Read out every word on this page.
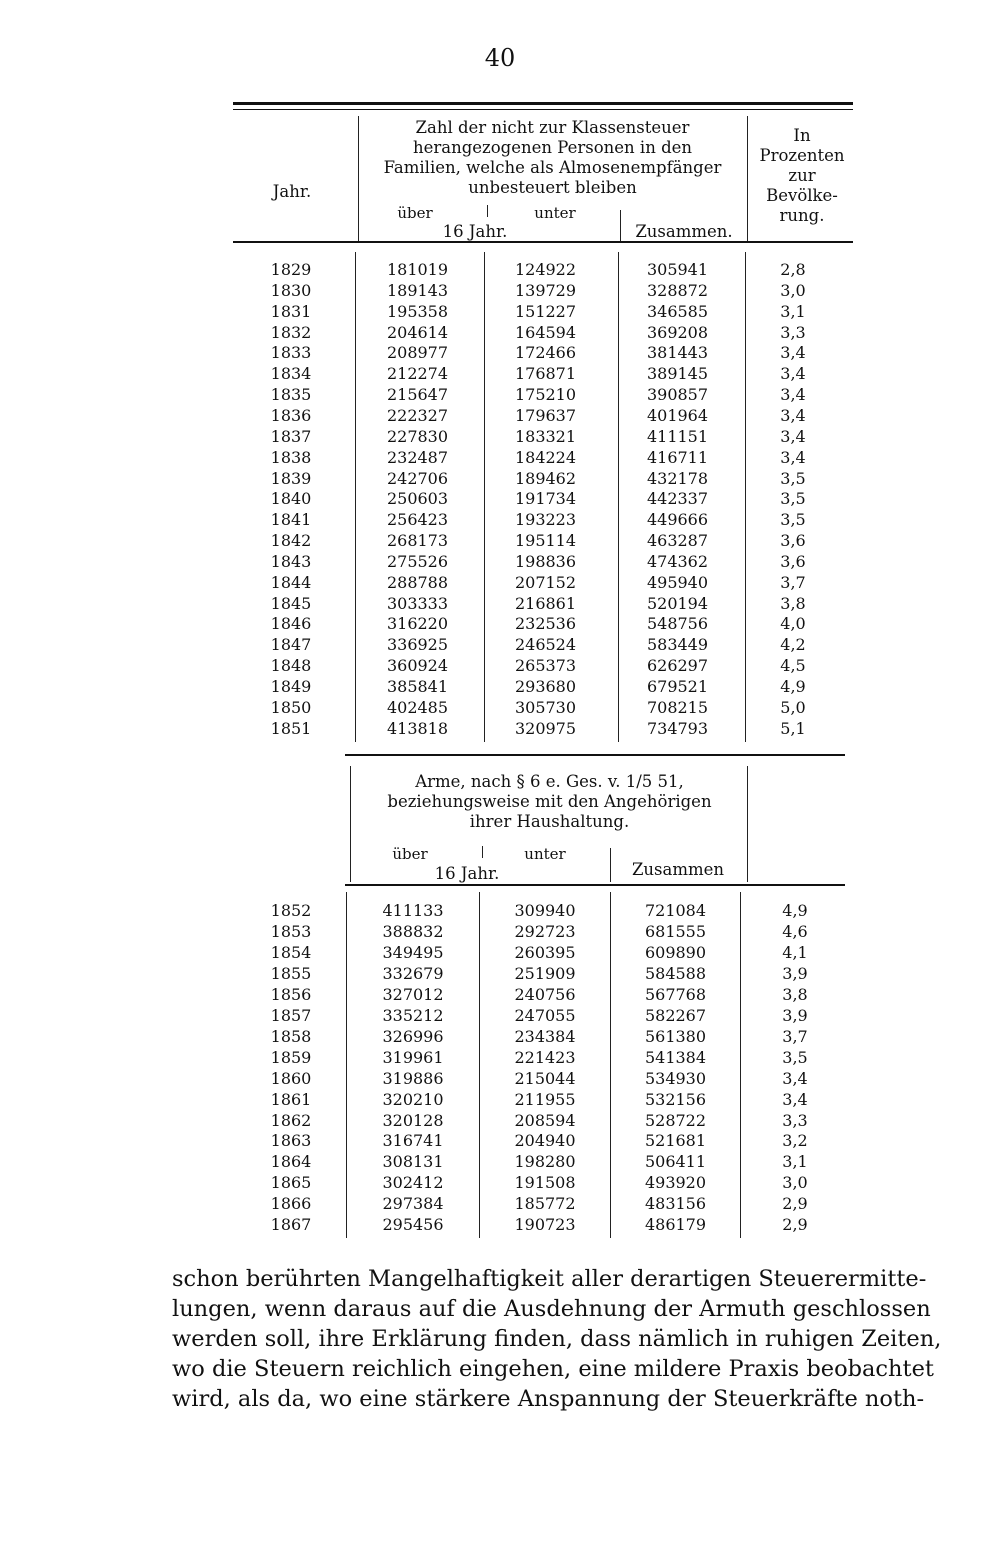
40
Jahr.
Zahl der nicht zur Klassensteuer
herangezogenen Personen in den
Familien, welche als Almosenempfänger
unbesteuert bleiben
über	unter
16 Jahr.	Zusammen.
In
Prozenten
zur
Bevölke-
rung.
1829	181019	124922	305941	2,8
1830	189143	139729	328872	3,0
1831	195358	151227	346585	3,1
1832	204614	164594	369208	3,3
1833	208977	172466	381443	3,4
1834	212274	176871	389145	3,4
1835	215647	175210	390857	3,4
1836	222327	179637	401964	3,4
1837	227830	183321	411151	3,4
1838	232487	184224	416711	3,4
1839	242706	189462	432178	3,5
1840	250603	191734	442337	3,5
1841	256423	193223	449666	3,5
1842	268173	195114	463287	3,6
1843	275526	198836	474362	3,6
1844	288788	207152	495940	3,7
1845	303333	216861	520194	3,8
1846	316220	232536	548756	4,0
1847	336925	246524	583449	4,2
1848	360924	265373	626297	4,5
1849	385841	293680	679521	4,9
1850	402485	305730	708215	5,0
1851	413818	320975	734793	5,1
Arme, nach § 6 e. Ges. v. 1/5 51,
beziehungsweise mit den Angehörigen
ihrer Haushaltung.
über	unter
16 Jahr.	Zusammen
1852	411133	309940	721084	4,9
1853	388832	292723	681555	4,6
1854	349495	260395	609890	4,1
1855	332679	251909	584588	3,9
1856	327012	240756	567768	3,8
1857	335212	247055	582267	3,9
1858	326996	234384	561380	3,7
1859	319961	221423	541384	3,5
1860	319886	215044	534930	3,4
1861	320210	211955	532156	3,4
1862	320128	208594	528722	3,3
1863	316741	204940	521681	3,2
1864	308131	198280	506411	3,1
1865	302412	191508	493920	3,0
1866	297384	185772	483156	2,9
1867	295456	190723	486179	2,9
schon berührten Mangelhaftigkeit aller derartigen Steuerermitte-
lungen, wenn daraus auf die Ausdehnung der Armuth geschlossen
werden soll, ihre Erklärung finden, dass nämlich in ruhigen Zeiten,
wo die Steuern reichlich eingehen, eine mildere Praxis beobachtet
wird, als da, wo eine stärkere Anspannung der Steuerkräfte noth-
